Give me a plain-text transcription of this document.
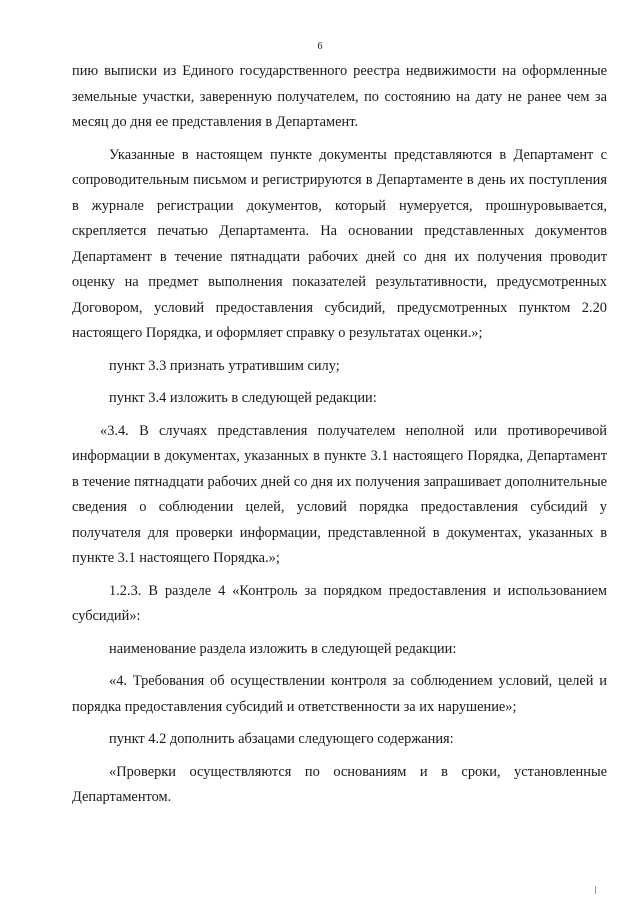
6

пию выписки из Единого государственного реестра недвижимости на оформленные земельные участки, заверенную получателем, по состоянию на дату не ранее чем за месяц до дня ее представления в Департамент.

Указанные в настоящем пункте документы представляются в Департамент с сопроводительным письмом и регистрируются в Департаменте в день их поступления в журнале регистрации документов, который нумеруется, прошнуровывается, скрепляется печатью Департамента. На основании представленных документов Департамент в течение пятнадцати рабочих дней со дня их получения проводит оценку на предмет выполнения показателей результативности, предусмотренных Договором, условий предоставления субсидий, предусмотренных пунктом 2.20 настоящего Порядка, и оформляет справку о результатах оценки.»;

пункт 3.3 признать утратившим силу;

пункт 3.4 изложить в следующей редакции:

«3.4. В случаях представления получателем неполной или противоречивой информации в документах, указанных в пункте 3.1 настоящего Порядка, Департамент в течение пятнадцати рабочих дней со дня их получения запрашивает дополнительные сведения о соблюдении целей, условий порядка предоставления субсидий у получателя для проверки информации, представленной в документах, указанных в пункте 3.1 настоящего Порядка.»;

1.2.3. В разделе 4 «Контроль за порядком предоставления и использованием субсидий»:

наименование раздела изложить в следующей редакции:

«4. Требования об осуществлении контроля за соблюдением условий, целей и порядка предоставления субсидий и ответственности за их нарушение»;

пункт 4.2 дополнить абзацами следующего содержания:

«Проверки осуществляются по основаниям и в сроки, установленные Департаментом.
